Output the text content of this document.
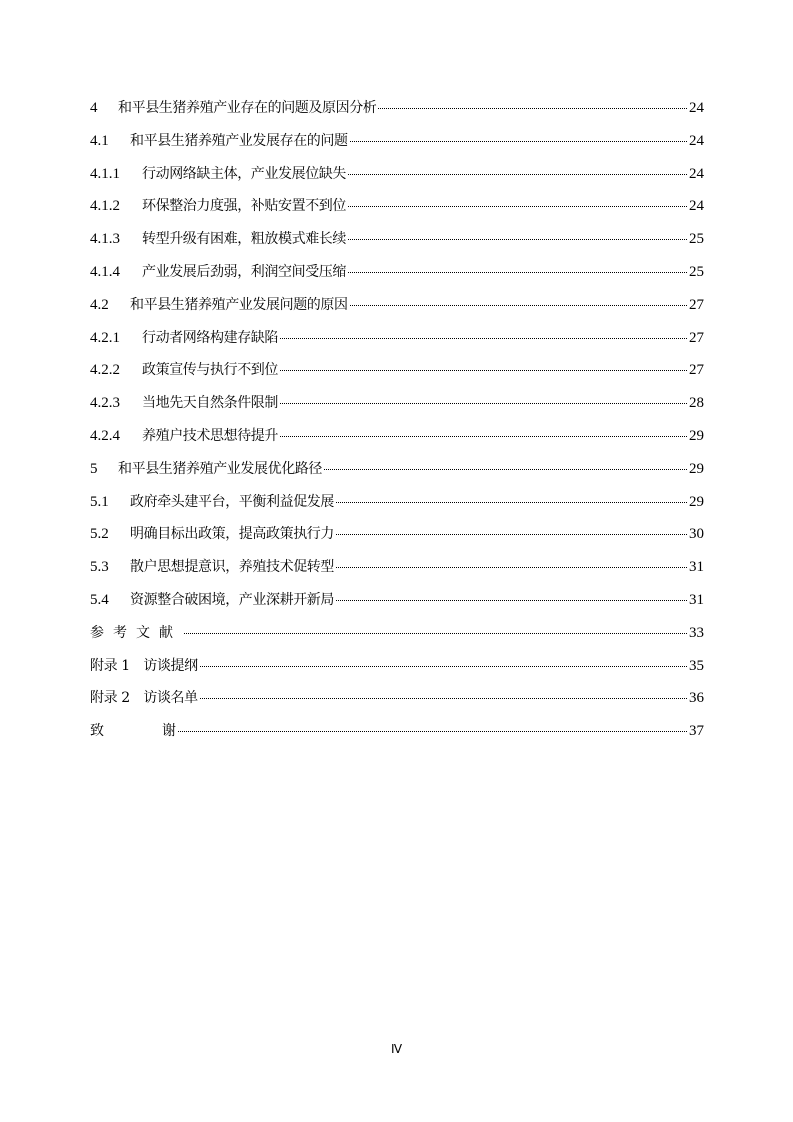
4	和平县生猪养殖产业存在的问题及原因分析	24
4.1	和平县生猪养殖产业发展存在的问题	24
4.1.1	行动网络缺主体，产业发展位缺失	24
4.1.2	环保整治力度强，补贴安置不到位	24
4.1.3	转型升级有困难，粗放模式难长续	25
4.1.4	产业发展后劲弱，利润空间受压缩	25
4.2	和平县生猪养殖产业发展问题的原因	27
4.2.1	行动者网络构建存缺陷	27
4.2.2	政策宣传与执行不到位	27
4.2.3	当地先天自然条件限制	28
4.2.4	养殖户技术思想待提升	29
5	和平县生猪养殖产业发展优化路径	29
5.1	政府牵头建平台，平衡利益促发展	29
5.2	明确目标出政策，提高政策执行力	30
5.3	散户思想提意识，养殖技术促转型	31
5.4	资源整合破困境，产业深耕开新局	31
参考文献	33
附录 1　访谈提纲	35
附录 2　访谈名单	36
致	谢	37
Ⅳ
